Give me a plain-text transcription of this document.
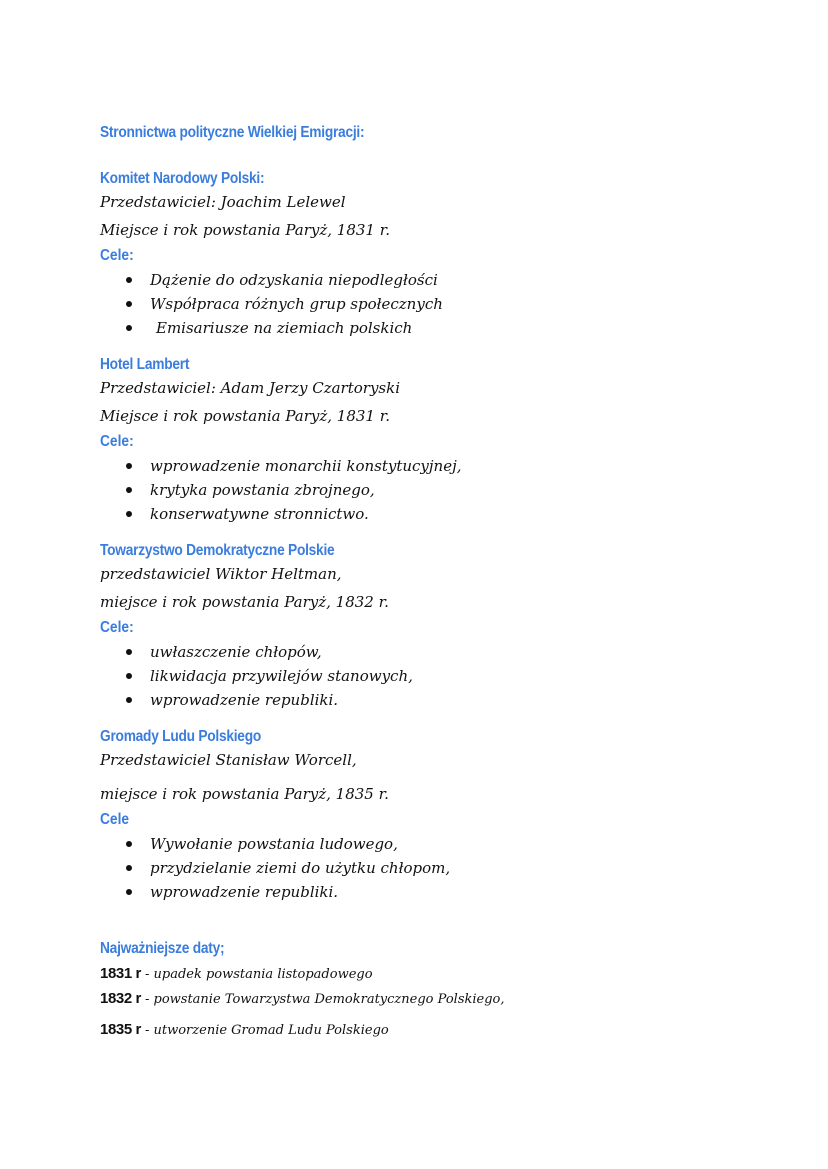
Stronnictwa polityczne Wielkiej Emigracji:
Komitet Narodowy Polski:
Przedstawiciel: Joachim Lelewel
Miejsce i rok powstania Paryż, 1831 r.
Cele:
Dążenie do odzyskania niepodległości
Współpraca różnych grup społecznych
Emisariusze na ziemiach polskich
Hotel Lambert
Przedstawiciel: Adam Jerzy Czartoryski
Miejsce i rok powstania Paryż, 1831 r.
Cele:
wprowadzenie monarchii konstytucyjnej,
krytyka powstania zbrojnego,
konserwatywne stronnictwo.
Towarzystwo Demokratyczne Polskie
przedstawiciel Wiktor Heltman,
miejsce i rok powstania Paryż, 1832 r.
Cele:
uwłaszczenie chłopów,
likwidacja przywilejów stanowych,
wprowadzenie republiki.
Gromady Ludu Polskiego
Przedstawiciel Stanisław Worcell,
miejsce i rok powstania Paryż, 1835 r.
Cele
Wywołanie powstania ludowego,
przydzielanie ziemi do użytku chłopom,
wprowadzenie republiki.
Najważniejsze daty;
1831 r - upadek powstania listopadowego
1832 r - powstanie Towarzystwa Demokratycznego Polskiego,
1835 r - utworzenie Gromad Ludu Polskiego
